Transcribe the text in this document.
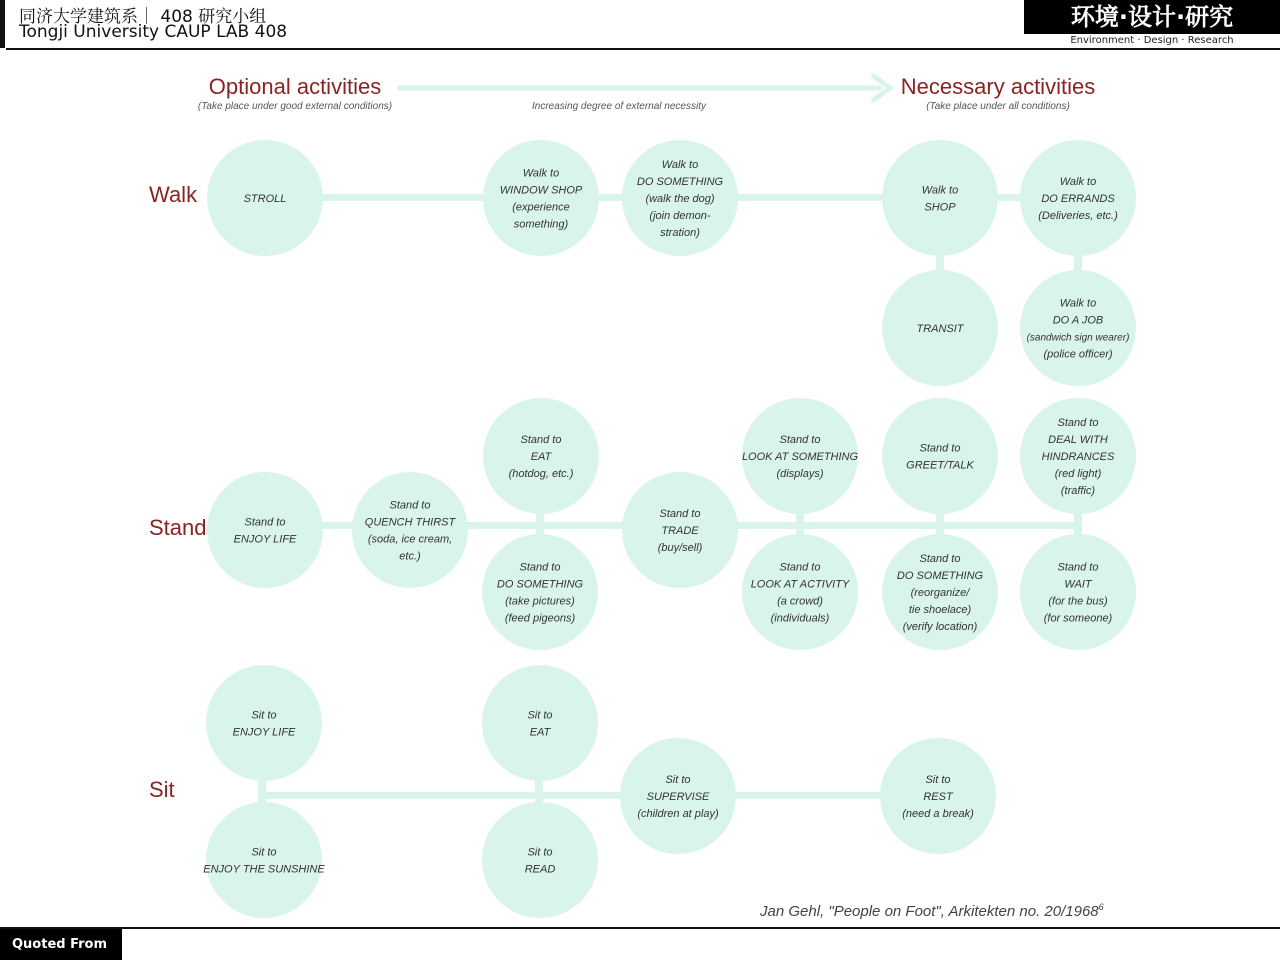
同济大学建筑系｜ 408 研究小组
Tongji University CAUP LAB 408
环境·设计·研究
Environment · Design · Research
Optional activities
(Take place under good external conditions)	Increasing degree of external necessity
Necessary activities
(Take place under all conditions)
Walk
Stand
Sit
STROLL
Walk to
WINDOW SHOP
(experience
something)
Walk to
DO SOMETHING
(walk the dog)
(join demon-
stration)
Walk to
SHOP
Walk to
DO ERRANDS
(Deliveries, etc.)
TRANSIT
Walk to
DO A JOB
(sandwich sign wearer)
(police officer)
Stand to
EAT
(hotdog, etc.)
Stand to
LOOK AT SOMETHING
(displays)
Stand to
GREET/TALK
Stand to
DEAL WITH
HINDRANCES
(red light)
(traffic)
Stand to
ENJOY LIFE
Stand to
QUENCH THIRST
(soda, ice cream,
etc.)
Stand to
TRADE
(buy/sell)
Stand to
DO SOMETHING
(take pictures)
(feed pigeons)
Stand to
LOOK AT ACTIVITY
(a crowd)
(individuals)
Stand to
DO SOMETHING
(reorganize/
tie shoelace)
(verify location)
Stand to
WAIT
(for the bus)
(for someone)
Sit to
ENJOY LIFE
Sit to
EAT
Sit to
SUPERVISE
(children at play)
Sit to
REST
(need a break)
Sit to
ENJOY THE SUNSHINE
Sit to
READ
Jan Gehl, "People on Foot", Arkitekten no. 20/1968$^6$
Quoted From
